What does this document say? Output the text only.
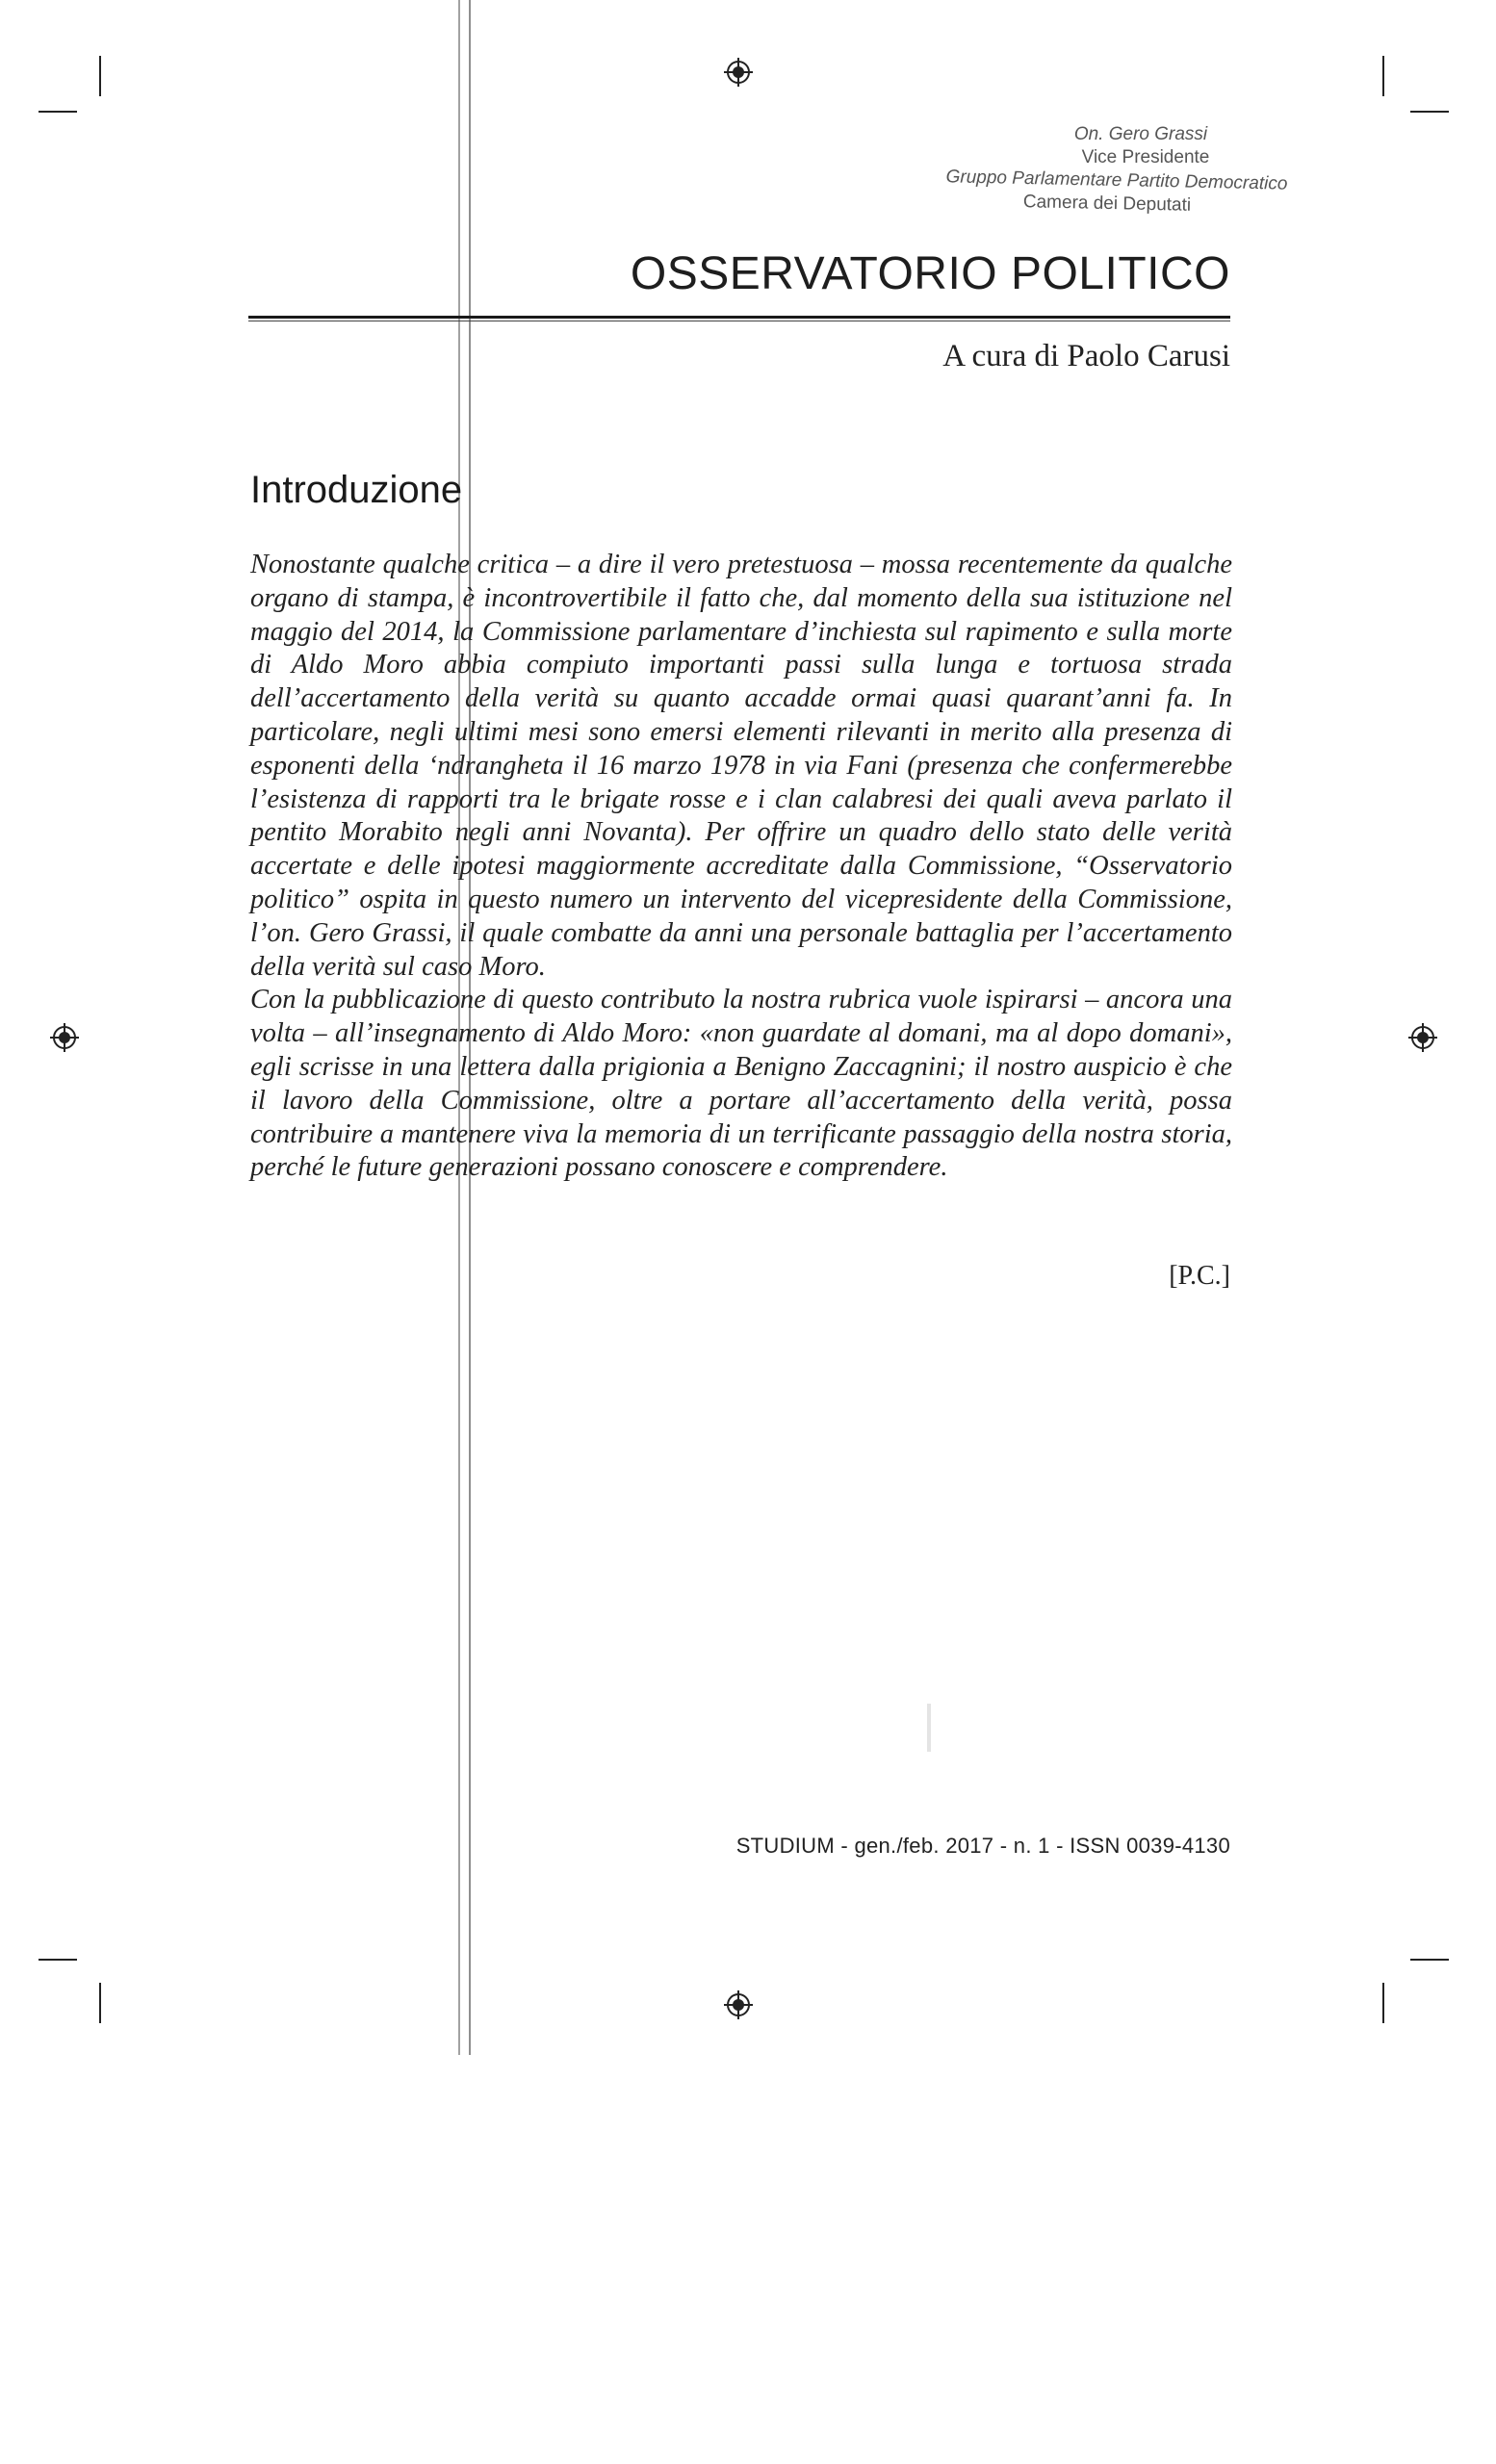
On. Gero Grassi
Vice Presidente
Gruppo Parlamentare Partito Democratico
Camera dei Deputati
OSSERVATORIO POLITICO
A cura di Paolo Carusi
Introduzione

Nonostante qualche critica – a dire il vero pretestuosa – mossa recentemente da qualche organo di stampa, è incontrovertibile il fatto che, dal momento della sua istituzione nel maggio del 2014, la Commissione parlamentare d’inchiesta sul rapimento e sulla morte di Aldo Moro abbia compiuto importanti passi sulla lunga e tortuosa strada dell’accertamento della verità su quanto accadde ormai quasi quarant’anni fa. In particolare, negli ultimi mesi sono emersi elementi rilevanti in merito alla presenza di esponenti della ‘ndrangheta il 16 marzo 1978 in via Fani (presenza che confermerebbe l’esistenza di rapporti tra le brigate rosse e i clan calabresi dei quali aveva parlato il pentito Morabito negli anni Novanta). Per offrire un quadro dello stato delle verità accertate e delle ipotesi maggiormente accreditate dalla Commissione, “Osservatorio politico” ospita in questo numero un intervento del vicepresidente della Commissione, l’on. Gero Grassi, il quale combatte da anni una personale battaglia per l’accertamento della verità sul caso Moro.

Con la pubblicazione di questo contributo la nostra rubrica vuole ispirarsi – ancora una volta – all’insegnamento di Aldo Moro: «non guardate al domani, ma al dopo domani», egli scrisse in una lettera dalla prigionia a Benigno Zaccagnini; il nostro auspicio è che il lavoro della Commissione, oltre a portare all’accertamento della verità, possa contribuire a mantenere viva la memoria di un terrificante passaggio della nostra storia, perché le future generazioni possano conoscere e comprendere.

[P.C.]
STUDIUM - gen./feb. 2017 - n. 1 - ISSN 0039-4130
